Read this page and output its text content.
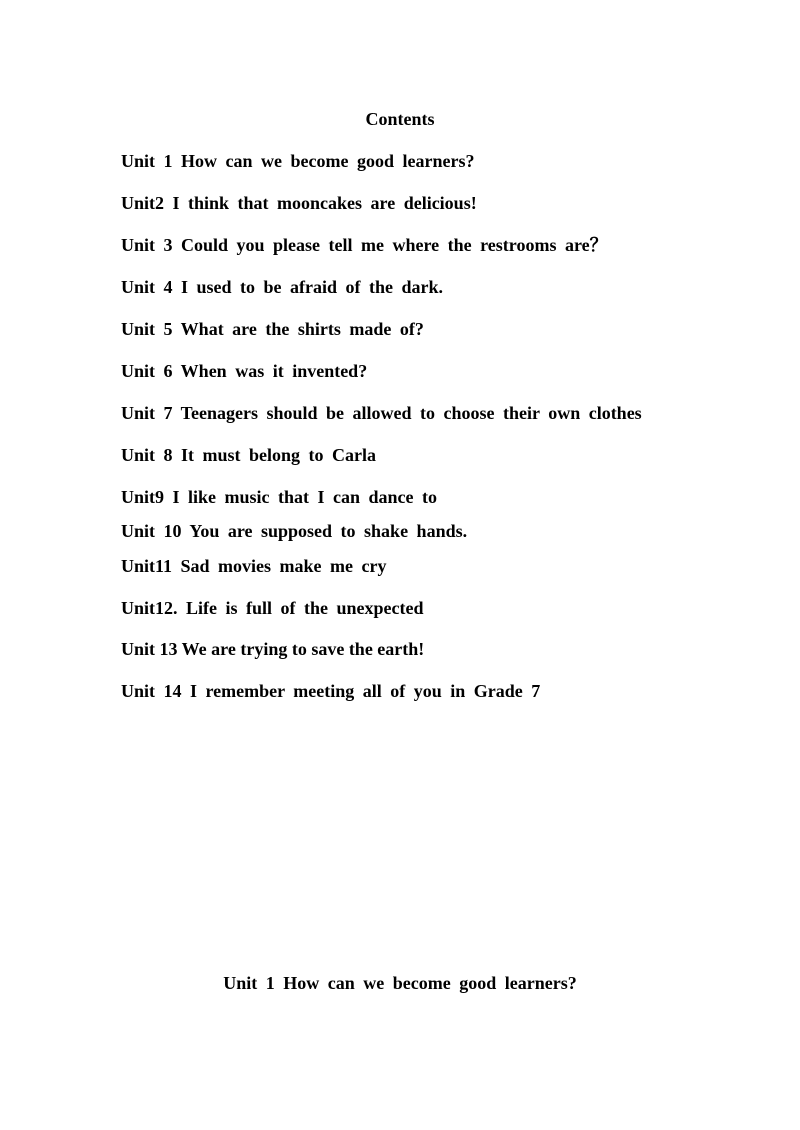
Contents
Unit 1 How can we become good learners?
Unit2 I think that mooncakes are delicious!
Unit 3 Could you please tell me where the restrooms are？
Unit 4 I used to be afraid of the dark.
Unit 5 What are the shirts made of?
Unit 6 When was it invented?
Unit 7 Teenagers should be allowed to choose their own clothes
Unit 8 It must belong to Carla
Unit9 I like music that I can dance to
Unit 10 You are supposed to shake hands.
Unit11 Sad movies make me cry
Unit12. Life is full of the unexpected
Unit 13 We are trying to save the earth!
Unit 14 I remember meeting all of you in Grade 7
Unit 1 How can we become good learners?
